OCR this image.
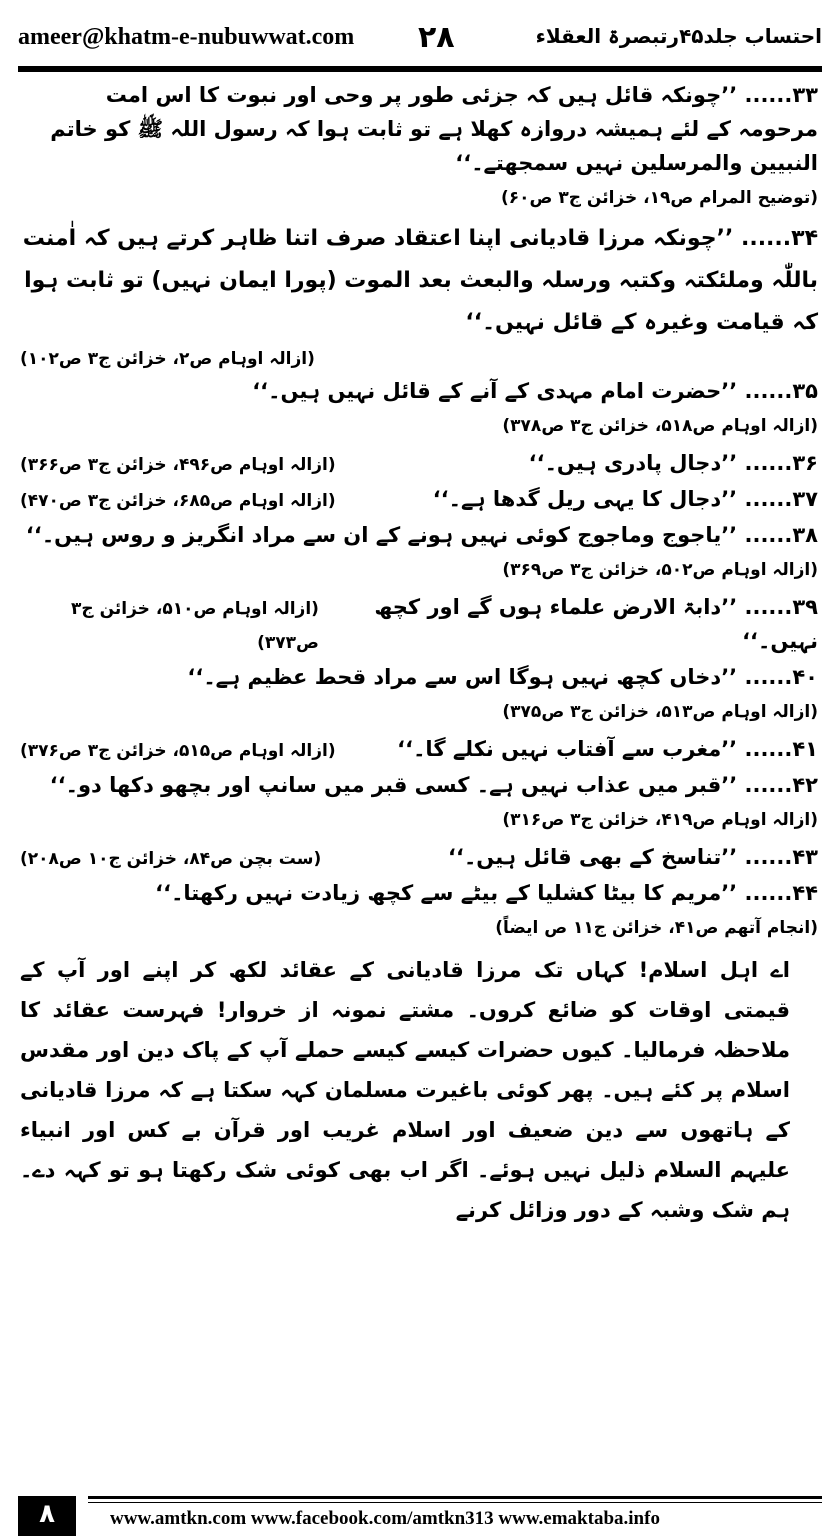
ameer@khatm-e-nubuwwat.com ۲۸	احتساب جلد۴۵رتبصرۃ العقلاء
۳۳...... ’’چونکہ قائل ہیں کہ جزئی طور پر وحی اور نبوت کا اس امت مرحومہ کے لئے ہمیشہ دروازہ کھلا ہے تو ثابت ہوا کہ رسول اللہ ﷺ کو خاتم النبیین والمرسلین نہیں سمجھتے۔‘‘
(توضیح المرام ص۱۹، خزائن ج۳ ص۶۰)
۳۴...... ’’چونکہ مرزا قادیانی اپنا اعتقاد صرف اتنا ظاہر کرتے ہیں کہ اٰمنت باللّٰہ وملئکتہ وکتبہ ورسلہ والبعث بعد الموت (پورا ایمان نہیں) تو ثابت ہوا کہ قیامت وغیرہ کے قائل نہیں۔‘‘
(ازالہ اوہام ص۲، خزائن ج۳ ص۱۰۲)
۳۵...... ’’حضرت امام مہدی کے آنے کے قائل نہیں ہیں۔‘‘
(ازالہ اوہام ص۵۱۸، خزائن ج۳ ص۳۷۸)
۳۶...... ’’دجال پادری ہیں۔‘‘
(ازالہ اوہام ص۴۹۶، خزائن ج۳ ص۳۶۶)
۳۷...... ’’دجال کا یہی ریل گدھا ہے۔‘‘
(ازالہ اوہام ص۶۸۵، خزائن ج۳ ص۴۷۰)
۳۸...... ’’یاجوج وماجوج کوئی نہیں ہونے کے ان سے مراد انگریز و روس ہیں۔‘‘
(ازالہ اوہام ص۵۰۲، خزائن ج۳ ص۳۶۹)
۳۹...... ’’دابۃ الارض علماء ہوں گے اور کچھ نہیں۔‘‘
(ازالہ اوہام ص۵۱۰، خزائن ج۳ ص۳۷۳)
۴۰...... ’’دخاں کچھ نہیں ہوگا اس سے مراد قحط عظیم ہے۔‘‘
(ازالہ اوہام ص۵۱۳، خزائن ج۳ ص۳۷۵)
۴۱...... ’’مغرب سے آفتاب نہیں نکلے گا۔‘‘
(ازالہ اوہام ص۵۱۵، خزائن ج۳ ص۳۷۶)
۴۲...... ’’قبر میں عذاب نہیں ہے۔ کسی قبر میں سانپ اور بچھو دکھا دو۔‘‘
(ازالہ اوہام ص۴۱۹، خزائن ج۳ ص۳۱۶)
۴۳...... ’’تناسخ کے بھی قائل ہیں۔‘‘
(ست بچن ص۸۴، خزائن ج۱۰ ص۲۰۸)
۴۴...... ’’مریم کا بیٹا کشلیا کے بیٹے سے کچھ زیادت نہیں رکھتا۔‘‘
(انجام آتھم ص۴۱، خزائن ج۱۱ ص ایضاً)

اے اہل اسلام! کہاں تک مرزا قادیانی کے عقائد لکھ کر اپنے اور آپ کے قیمتی اوقات کو ضائع کروں۔ مشتے نمونہ از خروار! فہرست عقائد کا ملاحظہ فرمالیا۔ کیوں حضرات کیسے کیسے حملے آپ کے پاک دین اور مقدس اسلام پر کئے ہیں۔ پھر کوئی باغیرت مسلمان کہہ سکتا ہے کہ مرزا قادیانی کے ہاتھوں سے دین ضعیف اور اسلام غریب اور قرآن بے کس اور انبیاء علیہم السلام ذلیل نہیں ہوئے۔ اگر اب بھی کوئی شک رکھتا ہو تو کہہ دے۔ ہم شک وشبہ کے دور وزائل کرنے

۸	www.amtkn.com www.facebook.com/amtkn313 www.emaktaba.info
